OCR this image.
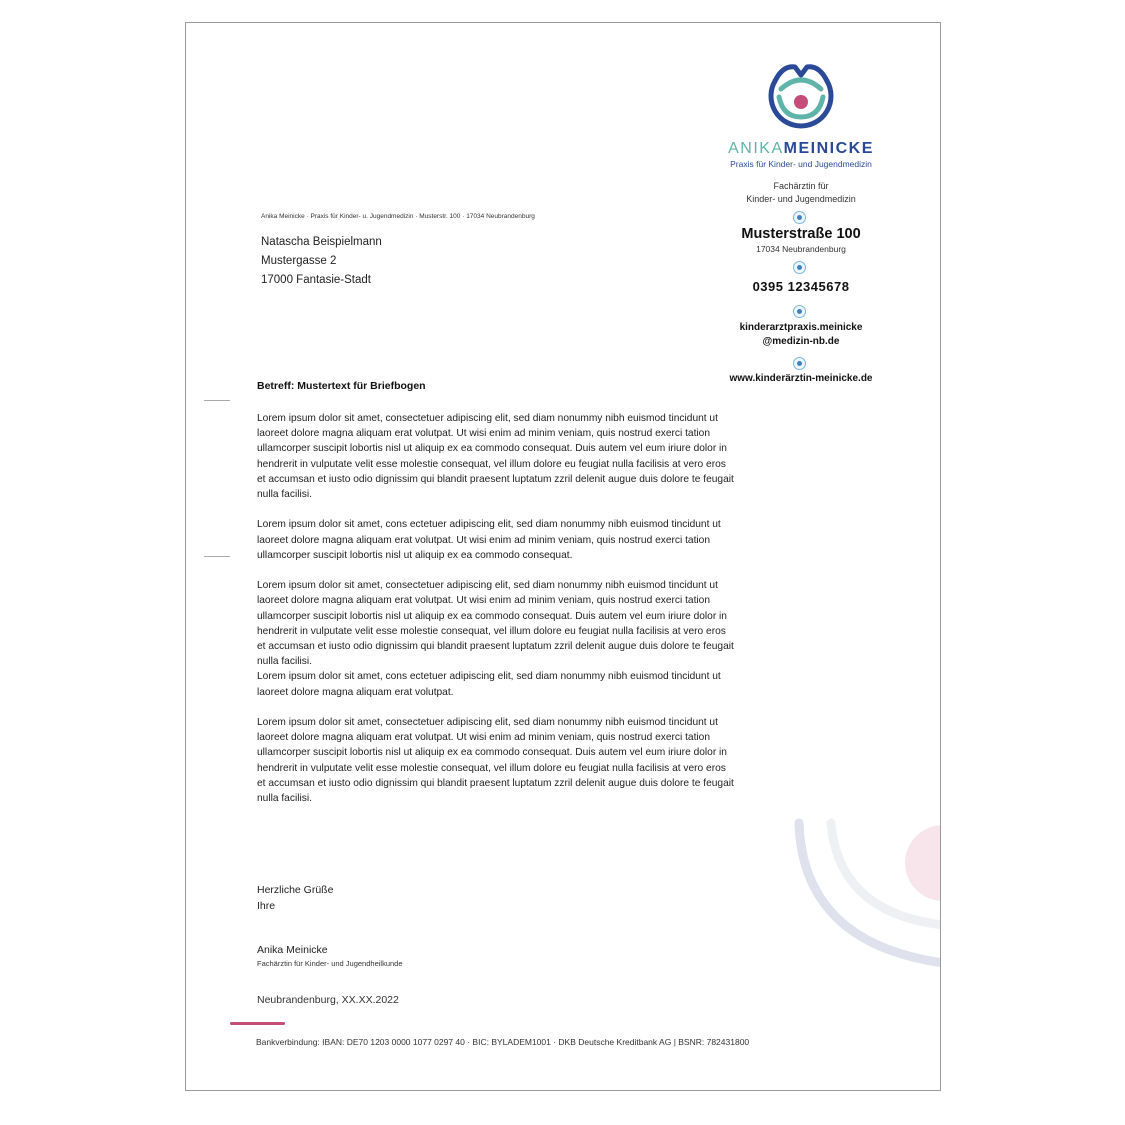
ANIKAMEINICKE
Praxis für Kinder- und Jugendmedizin
Fachärztin für
Kinder- und Jugendmedizin
Musterstraße 100
17034 Neubrandenburg
0395 12345678
kinderarztpraxis.meinicke
@medizin-nb.de
www.kinderärztin-meinicke.de
Anika Meinicke · Praxis für Kinder- u. Jugendmedizin · Musterstr. 100 · 17034 Neubrandenburg
Natascha Beispielmann
Mustergasse 2
17000 Fantasie-Stadt
Betreff: Mustertext für Briefbogen

Lorem ipsum dolor sit amet, consectetuer adipiscing elit, sed diam nonummy nibh euismod tincidunt ut laoreet dolore magna aliquam erat volutpat. Ut wisi enim ad minim veniam, quis nostrud exerci tation ullamcorper suscipit lobortis nisl ut aliquip ex ea commodo consequat. Duis autem vel eum iriure dolor in hendrerit in vulputate velit esse molestie consequat, vel illum dolore eu feugiat nulla facilisis at vero eros et accumsan et iusto odio dignissim qui blandit praesent luptatum zzril delenit augue duis dolore te feugait nulla facilisi.

Lorem ipsum dolor sit amet, cons ectetuer adipiscing elit, sed diam nonummy nibh euismod tincidunt ut laoreet dolore magna aliquam erat volutpat. Ut wisi enim ad minim veniam, quis nostrud exerci tation ullamcorper suscipit lobortis nisl ut aliquip ex ea commodo consequat.

Lorem ipsum dolor sit amet, consectetuer adipiscing elit, sed diam nonummy nibh euismod tincidunt ut laoreet dolore magna aliquam erat volutpat. Ut wisi enim ad minim veniam, quis nostrud exerci tation ullamcorper suscipit lobortis nisl ut aliquip ex ea commodo consequat. Duis autem vel eum iriure dolor in hendrerit in vulputate velit esse molestie consequat, vel illum dolore eu feugiat nulla facilisis at vero eros et accumsan et iusto odio dignissim qui blandit praesent luptatum zzril delenit augue duis dolore te feugait nulla facilisi.

Lorem ipsum dolor sit amet, cons ectetuer adipiscing elit, sed diam nonummy nibh euismod tincidunt ut laoreet dolore magna aliquam erat volutpat.

Lorem ipsum dolor sit amet, consectetuer adipiscing elit, sed diam nonummy nibh euismod tincidunt ut laoreet dolore magna aliquam erat volutpat. Ut wisi enim ad minim veniam, quis nostrud exerci tation ullamcorper suscipit lobortis nisl ut aliquip ex ea commodo consequat. Duis autem vel eum iriure dolor in hendrerit in vulputate velit esse molestie consequat, vel illum dolore eu feugiat nulla facilisis at vero eros et accumsan et iusto odio dignissim qui blandit praesent luptatum zzril delenit augue duis dolore te feugait nulla facilisi.

Herzliche Grüße
Ihre
Anika Meinicke
Fachärztin für Kinder- und Jugendheilkunde
Neubrandenburg, XX.XX.2022
Bankverbindung: IBAN: DE70 1203 0000 1077 0297 40 · BIC: BYLADEM1001 · DKB Deutsche Kreditbank AG | BSNR: 782431800
